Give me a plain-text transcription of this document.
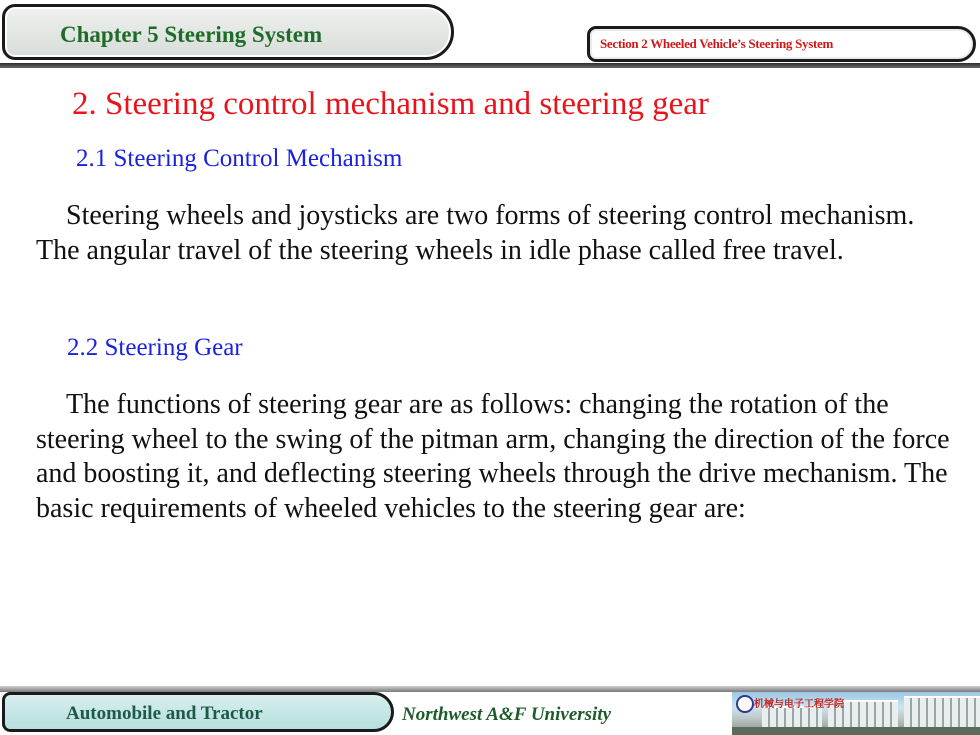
Chapter 5 Steering System	Section 2 Wheeled Vehicle’s Steering System
2. Steering control mechanism and steering gear
2.1 Steering Control Mechanism
Steering wheels and joysticks are two forms of steering control mechanism. The angular travel of the steering wheels in idle phase called free travel.
2.2 Steering Gear
The functions of steering gear are as follows: changing the rotation of the steering wheel to the swing of the pitman arm, changing the direction of the force and boosting it, and deflecting steering wheels through the drive mechanism. The basic requirements of wheeled vehicles to the steering gear are:
Automobile and Tractor	Northwest A&F University	机械与电子工程学院
